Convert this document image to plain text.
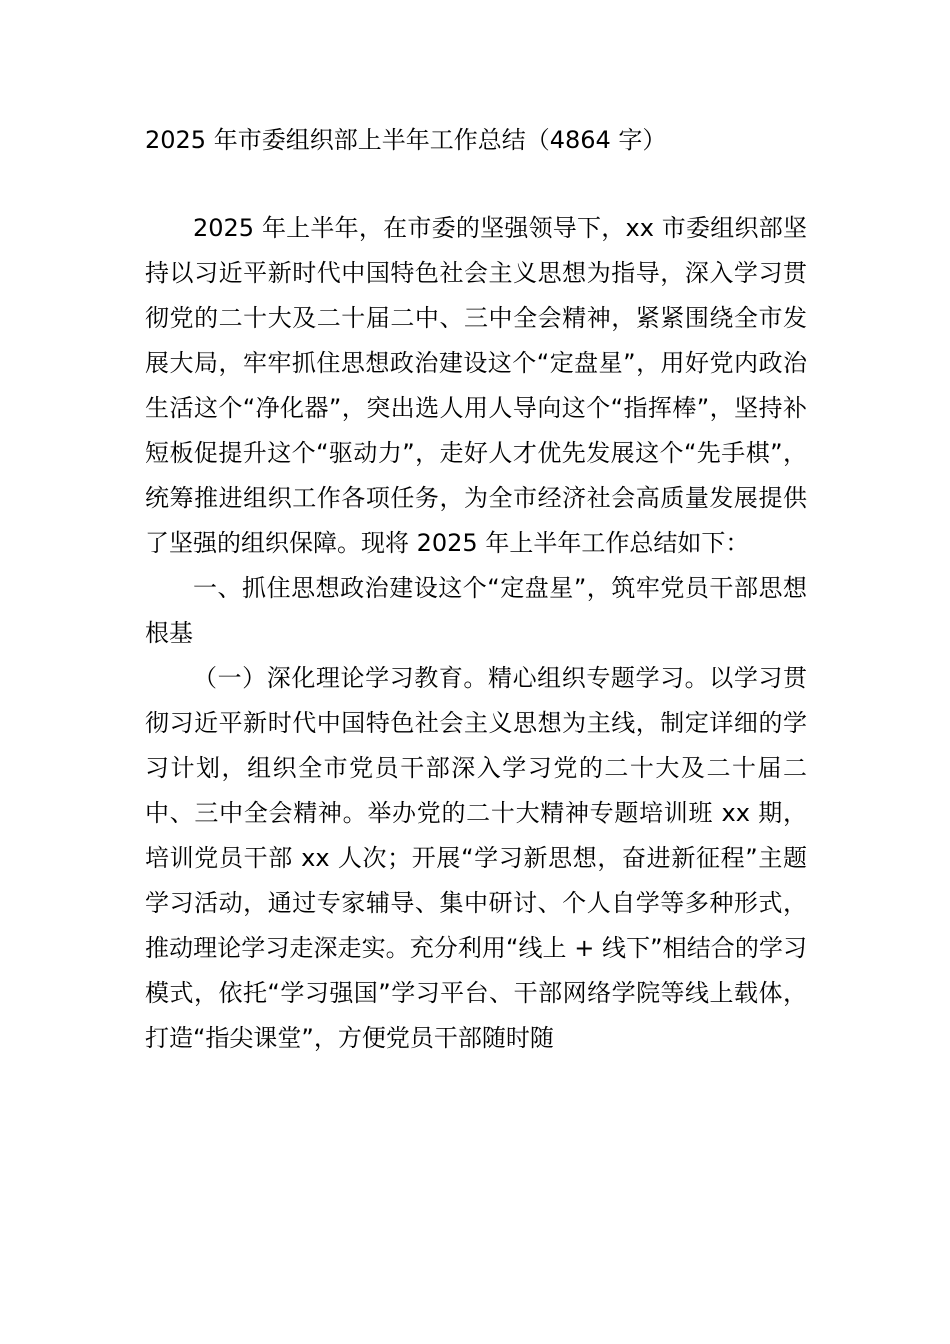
2025 年市委组织部上半年工作总结（4864 字）

2025 年上半年，在市委的坚强领导下，xx 市委组织部坚持以习近平新时代中国特色社会主义思想为指导，深入学习贯彻党的二十大及二十届二中、三中全会精神，紧紧围绕全市发展大局，牢牢抓住思想政治建设这个“定盘星”，用好党内政治生活这个“净化器”，突出选人用人导向这个“指挥棒”，坚持补短板促提升这个“驱动力”，走好人才优先发展这个“先手棋”，统筹推进组织工作各项任务，为全市经济社会高质量发展提供了坚强的组织保障。现将 2025 年上半年工作总结如下：

一、抓住思想政治建设这个“定盘星”，筑牢党员干部思想根基

（一）深化理论学习教育。精心组织专题学习。以学习贯彻习近平新时代中国特色社会主义思想为主线，制定详细的学习计划，组织全市党员干部深入学习党的二十大及二十届二中、三中全会精神。举办党的二十大精神专题培训班 xx 期，培训党员干部 xx 人次；开展“学习新思想，奋进新征程”主题学习活动，通过专家辅导、集中研讨、个人自学等多种形式，推动理论学习走深走实。充分利用“线上 + 线下”相结合的学习模式，依托“学习强国”学习平台、干部网络学院等线上载体，打造“指尖课堂”，方便党员干部随时随
